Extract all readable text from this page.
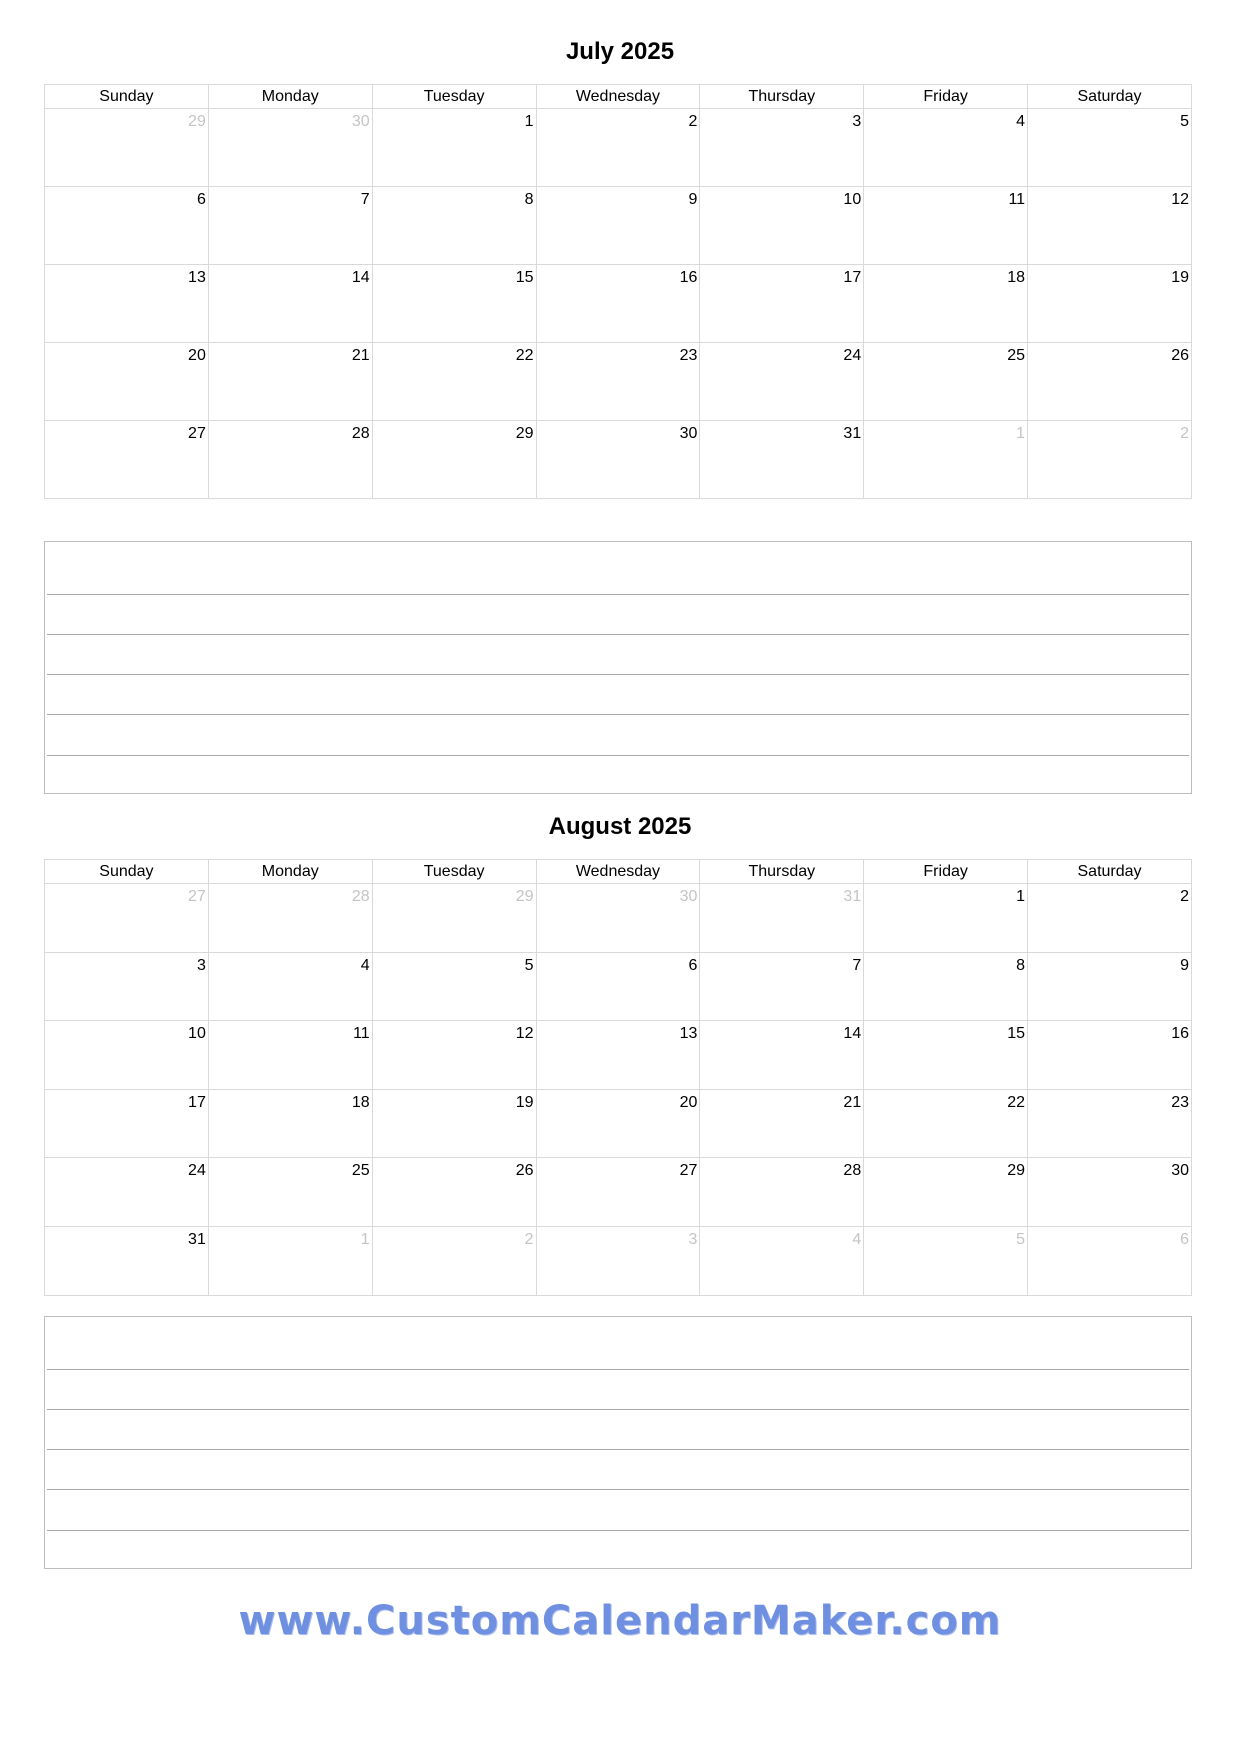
July 2025
Sunday	Monday	Tuesday	Wednesday	Thursday	Friday	Saturday
29	30	1	2	3	4	5
6	7	8	9	10	11	12
13	14	15	16	17	18	19
20	21	22	23	24	25	26
27	28	29	30	31	1	2
August 2025
Sunday	Monday	Tuesday	Wednesday	Thursday	Friday	Saturday
27	28	29	30	31	1	2
3	4	5	6	7	8	9
10	11	12	13	14	15	16
17	18	19	20	21	22	23
24	25	26	27	28	29	30
31	1	2	3	4	5	6
www.CustomCalendarMaker.com
